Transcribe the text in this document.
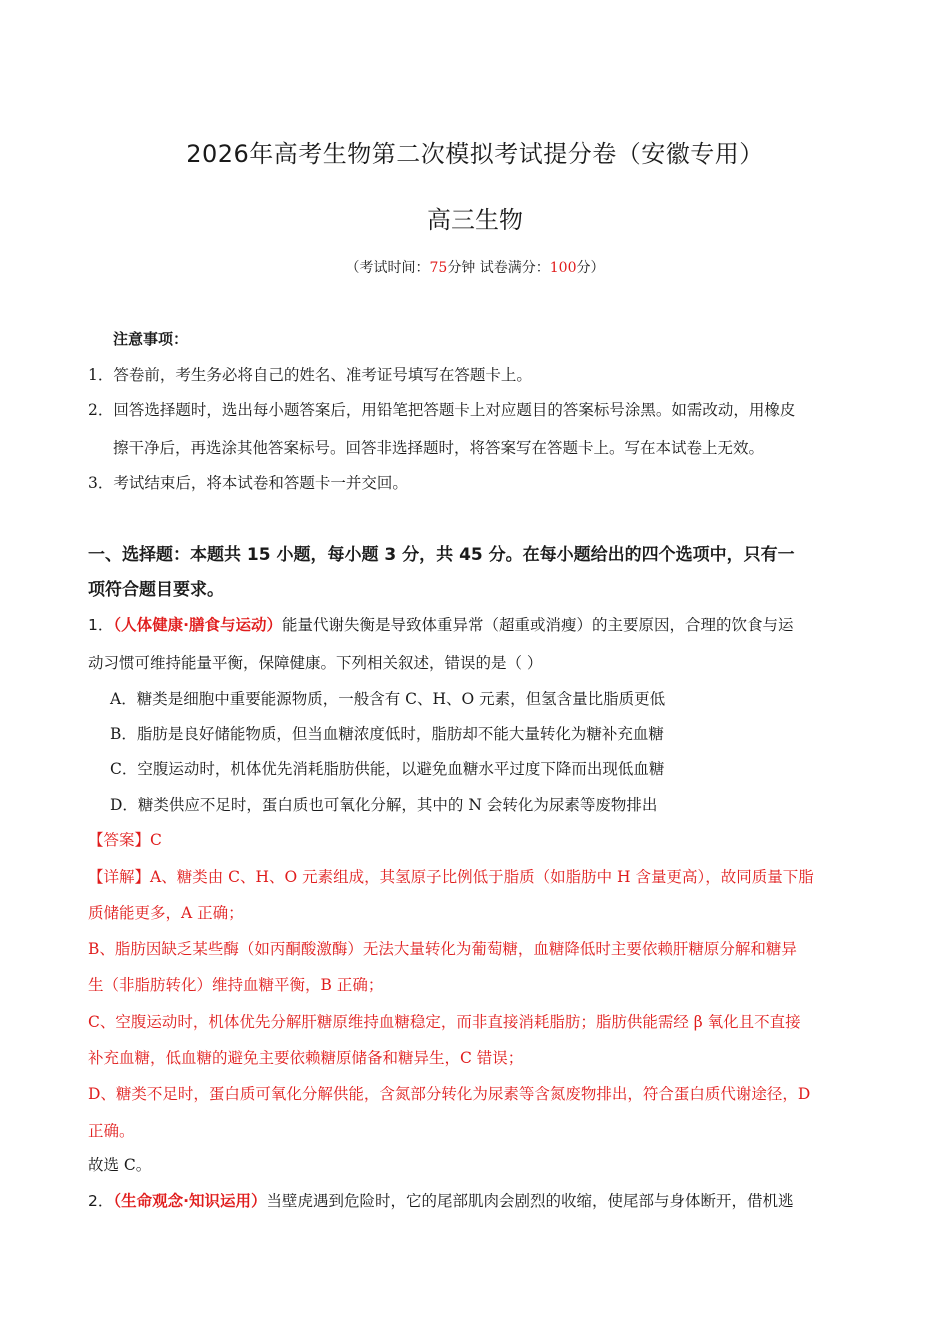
2026年高考生物第二次模拟考试提分卷（安徽专用）
高三生物
（考试时间：75分钟 试卷满分：100分）
注意事项：
1．答卷前，考生务必将自己的姓名、准考证号填写在答题卡上。
2．回答选择题时，选出每小题答案后，用铅笔把答题卡上对应题目的答案标号涂黑。如需改动，用橡皮
擦干净后，再选涂其他答案标号。回答非选择题时，将答案写在答题卡上。写在本试卷上无效。
3．考试结束后，将本试卷和答题卡一并交回。
一、选择题：本题共 15 小题，每小题 3 分，共 45 分。在每小题给出的四个选项中，只有一
项符合题目要求。
1．（人体健康·膳食与运动）能量代谢失衡是导致体重异常（超重或消瘦）的主要原因，合理的饮食与运
动习惯可维持能量平衡，保障健康。下列相关叙述，错误的是（ ）
A．糖类是细胞中重要能源物质，一般含有 C、H、O 元素，但氢含量比脂质更低
B．脂肪是良好储能物质，但当血糖浓度低时，脂肪却不能大量转化为糖补充血糖
C．空腹运动时，机体优先消耗脂肪供能，以避免血糖水平过度下降而出现低血糖
D．糖类供应不足时，蛋白质也可氧化分解，其中的 N 会转化为尿素等废物排出
【答案】C
【详解】A、糖类由 C、H、O 元素组成，其氢原子比例低于脂质（如脂肪中 H 含量更高），故同质量下脂
质储能更多，A 正确；
B、脂肪因缺乏某些酶（如丙酮酸激酶）无法大量转化为葡萄糖，血糖降低时主要依赖肝糖原分解和糖异
生（非脂肪转化）维持血糖平衡，B 正确；
C、空腹运动时，机体优先分解肝糖原维持血糖稳定，而非直接消耗脂肪；脂肪供能需经 β 氧化且不直接
补充血糖，低血糖的避免主要依赖糖原储备和糖异生，C 错误；
D、糖类不足时，蛋白质可氧化分解供能，含氮部分转化为尿素等含氮废物排出，符合蛋白质代谢途径，D
正确。
故选 C。
2．（生命观念·知识运用）当壁虎遇到危险时，它的尾部肌肉会剧烈的收缩，使尾部与身体断开，借机逃
